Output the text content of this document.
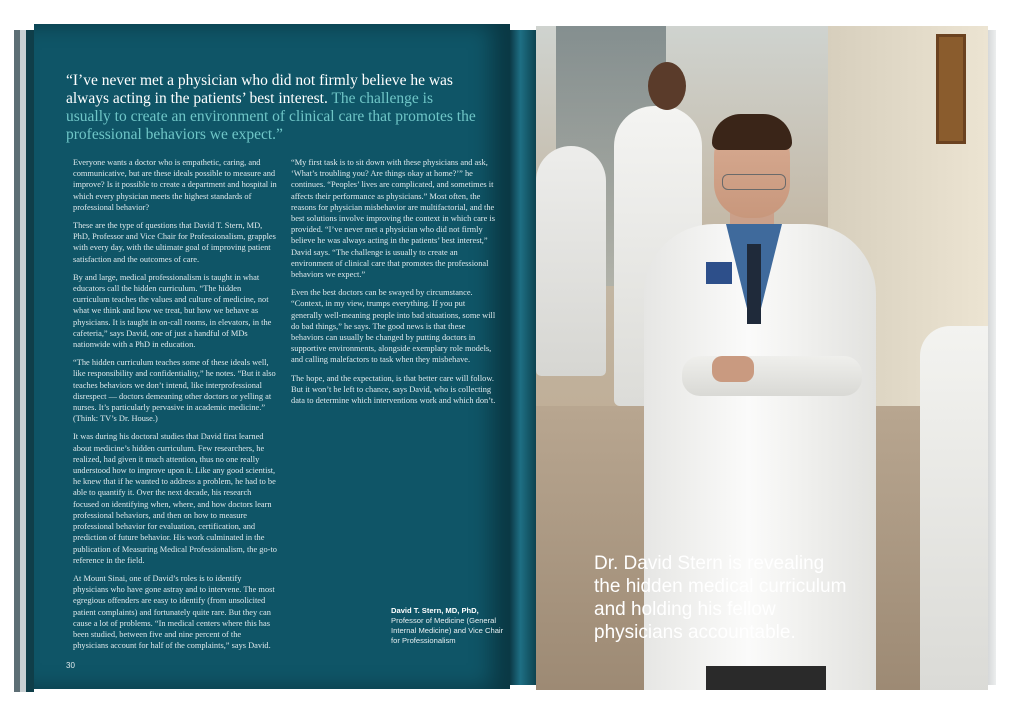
“I’ve never met a physician who did not firmly believe he was always acting in the patients’ best interest. The challenge is usually to create an environment of clinical care that promotes the professional behaviors we expect.”

Everyone wants a doctor who is empathetic, caring, and communicative, but are these ideals possible to measure and improve? Is it possible to create a department and hospital in which every physician meets the highest standards of professional behavior?

These are the type of questions that David T. Stern, MD, PhD, Professor and Vice Chair for Professionalism, grapples with every day, with the ultimate goal of improving patient satisfaction and the outcomes of care.

By and large, medical professionalism is taught in what educators call the hidden curriculum. “The hidden curriculum teaches the values and culture of medicine, not what we think and how we treat, but how we behave as physicians. It is taught in on-call rooms, in elevators, in the cafeteria,” says David, one of just a handful of MDs nationwide with a PhD in education.

“The hidden curriculum teaches some of these ideals well, like responsibility and confidentiality,” he notes. “But it also teaches behaviors we don’t intend, like interprofessional disrespect — doctors demeaning other doctors or yelling at nurses. It’s particularly pervasive in academic medicine.” (Think: TV’s Dr. House.)

It was during his doctoral studies that David first learned about medicine’s hidden curriculum. Few researchers, he realized, had given it much attention, thus no one really understood how to improve upon it. Like any good scientist, he knew that if he wanted to address a problem, he had to be able to quantify it. Over the next decade, his research focused on identifying when, where, and how doctors learn professional behaviors, and then on how to measure professional behavior for evaluation, certification, and prediction of future behavior. His work culminated in the publication of Measuring Medical Professionalism, the go-to reference in the field.

At Mount Sinai, one of David’s roles is to identify physicians who have gone astray and to intervene. The most egregious offenders are easy to identify (from unsolicited patient complaints) and fortunately quite rare. But they can cause a lot of problems. “In medical centers where this has been studied, between five and nine percent of the physicians account for half of the complaints,” says David.

“My first task is to sit down with these physicians and ask, ‘What’s troubling you? Are things okay at home?’” he continues. “Peoples’ lives are complicated, and sometimes it affects their performance as physicians.” Most often, the reasons for physician misbehavior are multifactorial, and the best solutions involve improving the context in which care is provided. “I’ve never met a physician who did not firmly believe he was always acting in the patients’ best interest,” David says. “The challenge is usually to create an environment of clinical care that promotes the professional behaviors we expect.”

Even the best doctors can be swayed by circumstance. “Context, in my view, trumps everything. If you put generally well-meaning people into bad situations, some will do bad things,” he says. The good news is that these behaviors can usually be changed by putting doctors in supportive environments, alongside exemplary role models, and calling malefactors to task when they misbehave.

The hope, and the expectation, is that better care will follow. But it won’t be left to chance, says David, who is collecting data to determine which interventions work and which don’t.

David T. Stern, MD, PhD,
Professor of Medicine (General Internal Medicine) and Vice Chair for Professionalism
30
Dr. David Stern is revealing
the hidden medical curriculum
and holding his fellow
physicians accountable.
